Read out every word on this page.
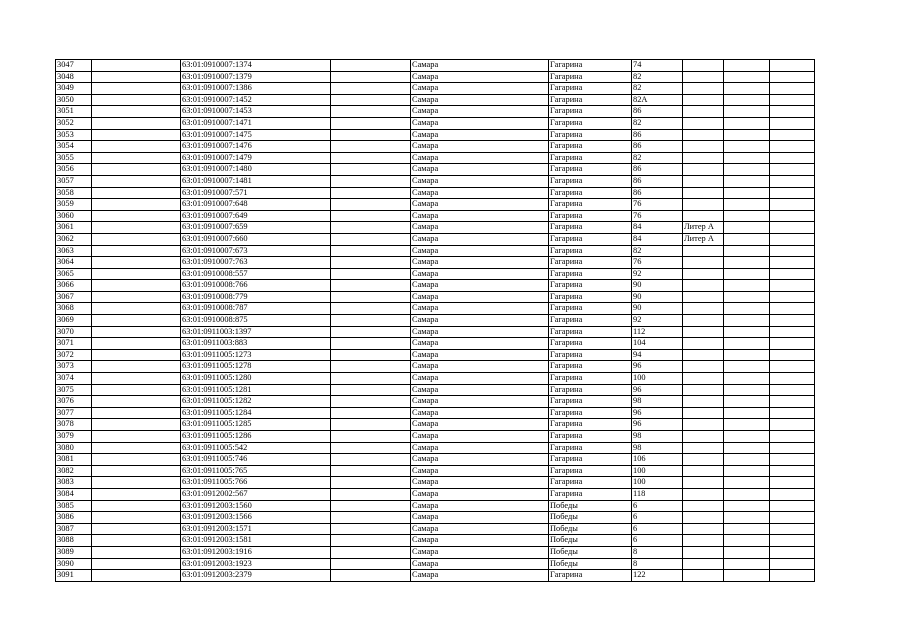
3047		63:01:0910007:1374		Самара	Гагарина	74			
3048		63:01:0910007:1379		Самара	Гагарина	82			
3049		63:01:0910007:1386		Самара	Гагарина	82			
3050		63:01:0910007:1452		Самара	Гагарина	82А			
3051		63:01:0910007:1453		Самара	Гагарина	86			
3052		63:01:0910007:1471		Самара	Гагарина	82			
3053		63:01:0910007:1475		Самара	Гагарина	86			
3054		63:01:0910007:1476		Самара	Гагарина	86			
3055		63:01:0910007:1479		Самара	Гагарина	82			
3056		63:01:0910007:1480		Самара	Гагарина	86			
3057		63:01:0910007:1481		Самара	Гагарина	86			
3058		63:01:0910007:571		Самара	Гагарина	86			
3059		63:01:0910007:648		Самара	Гагарина	76			
3060		63:01:0910007:649		Самара	Гагарина	76			
3061		63:01:0910007:659		Самара	Гагарина	84	Литер А		
3062		63:01:0910007:660		Самара	Гагарина	84	Литер А		
3063		63:01:0910007:673		Самара	Гагарина	82			
3064		63:01:0910007:763		Самара	Гагарина	76			
3065		63:01:0910008:557		Самара	Гагарина	92			
3066		63:01:0910008:766		Самара	Гагарина	90			
3067		63:01:0910008:779		Самара	Гагарина	90			
3068		63:01:0910008:787		Самара	Гагарина	90			
3069		63:01:0910008:875		Самара	Гагарина	92			
3070		63:01:0911003:1397		Самара	Гагарина	112			
3071		63:01:0911003:883		Самара	Гагарина	104			
3072		63:01:0911005:1273		Самара	Гагарина	94			
3073		63:01:0911005:1278		Самара	Гагарина	96			
3074		63:01:0911005:1280		Самара	Гагарина	100			
3075		63:01:0911005:1281		Самара	Гагарина	96			
3076		63:01:0911005:1282		Самара	Гагарина	98			
3077		63:01:0911005:1284		Самара	Гагарина	96			
3078		63:01:0911005:1285		Самара	Гагарина	96			
3079		63:01:0911005:1286		Самара	Гагарина	98			
3080		63:01:0911005:542		Самара	Гагарина	98			
3081		63:01:0911005:746		Самара	Гагарина	106			
3082		63:01:0911005:765		Самара	Гагарина	100			
3083		63:01:0911005:766		Самара	Гагарина	100			
3084		63:01:0912002:567		Самара	Гагарина	118			
3085		63:01:0912003:1560		Самара	Победы	6			
3086		63:01:0912003:1566		Самара	Победы	6			
3087		63:01:0912003:1571		Самара	Победы	6			
3088		63:01:0912003:1581		Самара	Победы	6			
3089		63:01:0912003:1916		Самара	Победы	8			
3090		63:01:0912003:1923		Самара	Победы	8			
3091		63:01:0912003:2379		Самара	Гагарина	122			
